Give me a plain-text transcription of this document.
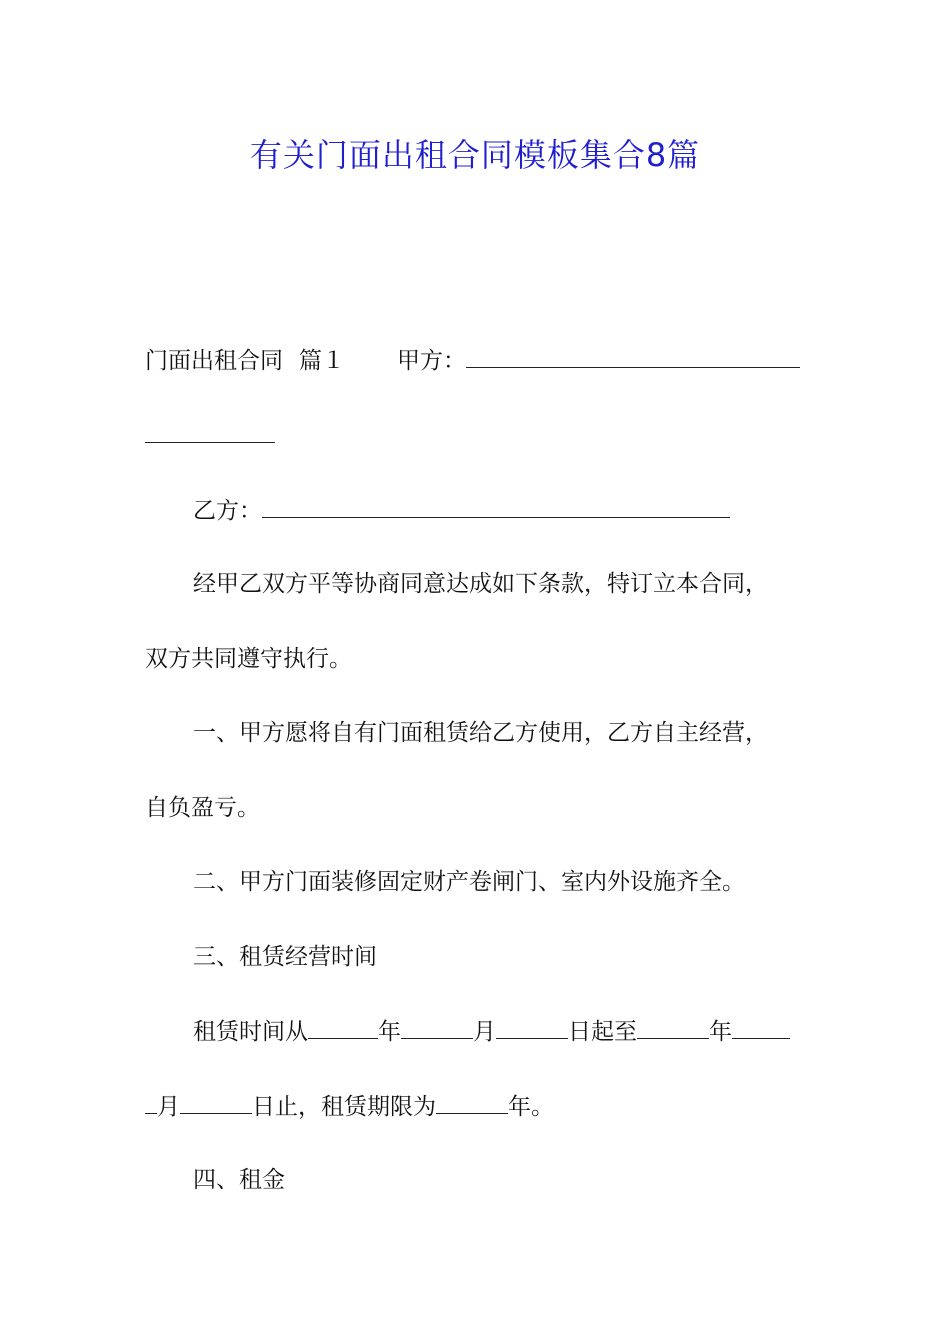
有关门面出租合同模板集合8篇
门面出租合同 篇１ 甲方：
乙方：
经甲乙双方平等协商同意达成如下条款，特订立本合同，
双方共同遵守执行。
一、甲方愿将自有门面租赁给乙方使用，乙方自主经营，
自负盈亏。
二、甲方门面装修固定财产卷闸门、室内外设施齐全。
三、租赁经营时间
租赁时间从	年	月	日起至	年
月	日止，租赁期限为	年。
四、租金
